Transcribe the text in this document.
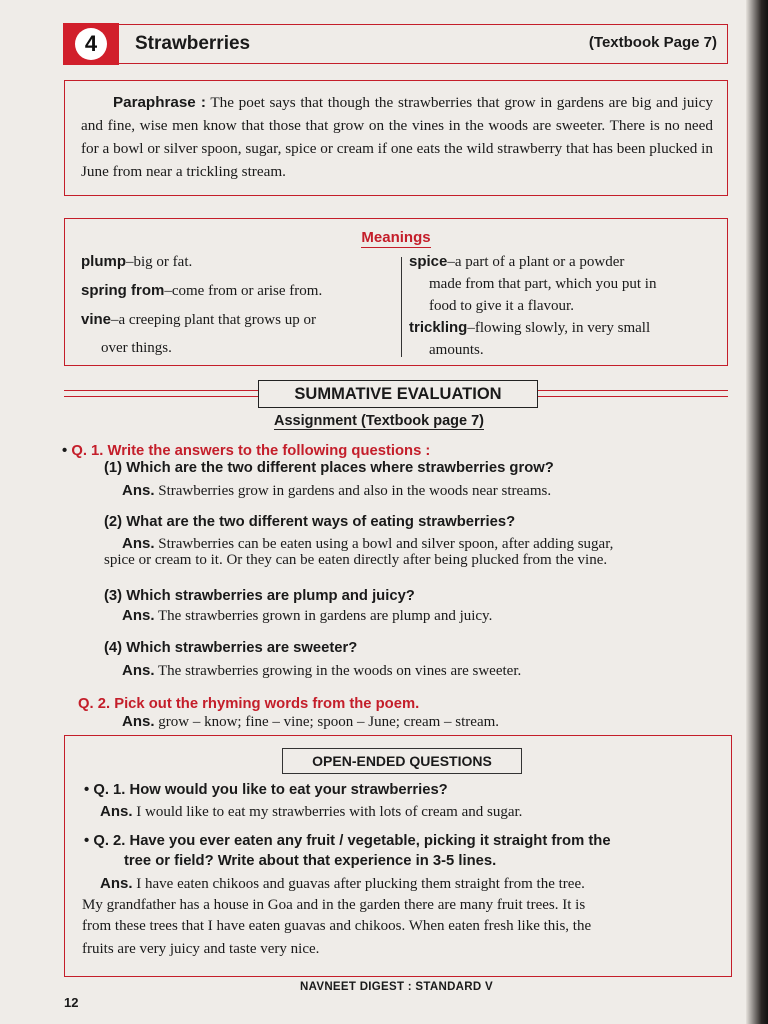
4	Strawberries	(Textbook Page 7)
Paraphrase : The poet says that though the strawberries that grow in gardens are big and juicy and fine, wise men know that those that grow on the vines in the woods are sweeter. There is no need for a bowl or silver spoon, sugar, spice or cream if one eats the wild strawberry that has been plucked in June from near a trickling stream.
Meanings
plump–big or fat.
spring from–come from or arise from.
vine–a creeping plant that grows up or
over things.
spice–a part of a plant or a powder
made from that part, which you put in
food to give it a flavour.
trickling–flowing slowly, in very small
amounts.
SUMMATIVE EVALUATION
Assignment (Textbook page 7)
• Q. 1. Write the answers to the following questions :
(1) Which are the two different places where strawberries grow?
Ans. Strawberries grow in gardens and also in the woods near streams.
(2) What are the two different ways of eating strawberries?
Ans. Strawberries can be eaten using a bowl and silver spoon, after adding sugar,
spice or cream to it. Or they can be eaten directly after being plucked from the vine.
(3) Which strawberries are plump and juicy?
Ans. The strawberries grown in gardens are plump and juicy.
(4) Which strawberries are sweeter?
Ans. The strawberries growing in the woods on vines are sweeter.
Q. 2. Pick out the rhyming words from the poem.
Ans. grow – know; fine – vine; spoon – June; cream – stream.
OPEN-ENDED QUESTIONS
• Q. 1. How would you like to eat your strawberries?
Ans. I would like to eat my strawberries with lots of cream and sugar.
• Q. 2. Have you ever eaten any fruit / vegetable, picking it straight from the
tree or field? Write about that experience in 3-5 lines.
Ans. I have eaten chikoos and guavas after plucking them straight from the tree.
My grandfather has a house in Goa and in the garden there are many fruit trees. It is
from these trees that I have eaten guavas and chikoos. When eaten fresh like this, the
fruits are very juicy and taste very nice.
NAVNEET DIGEST : STANDARD V
12
